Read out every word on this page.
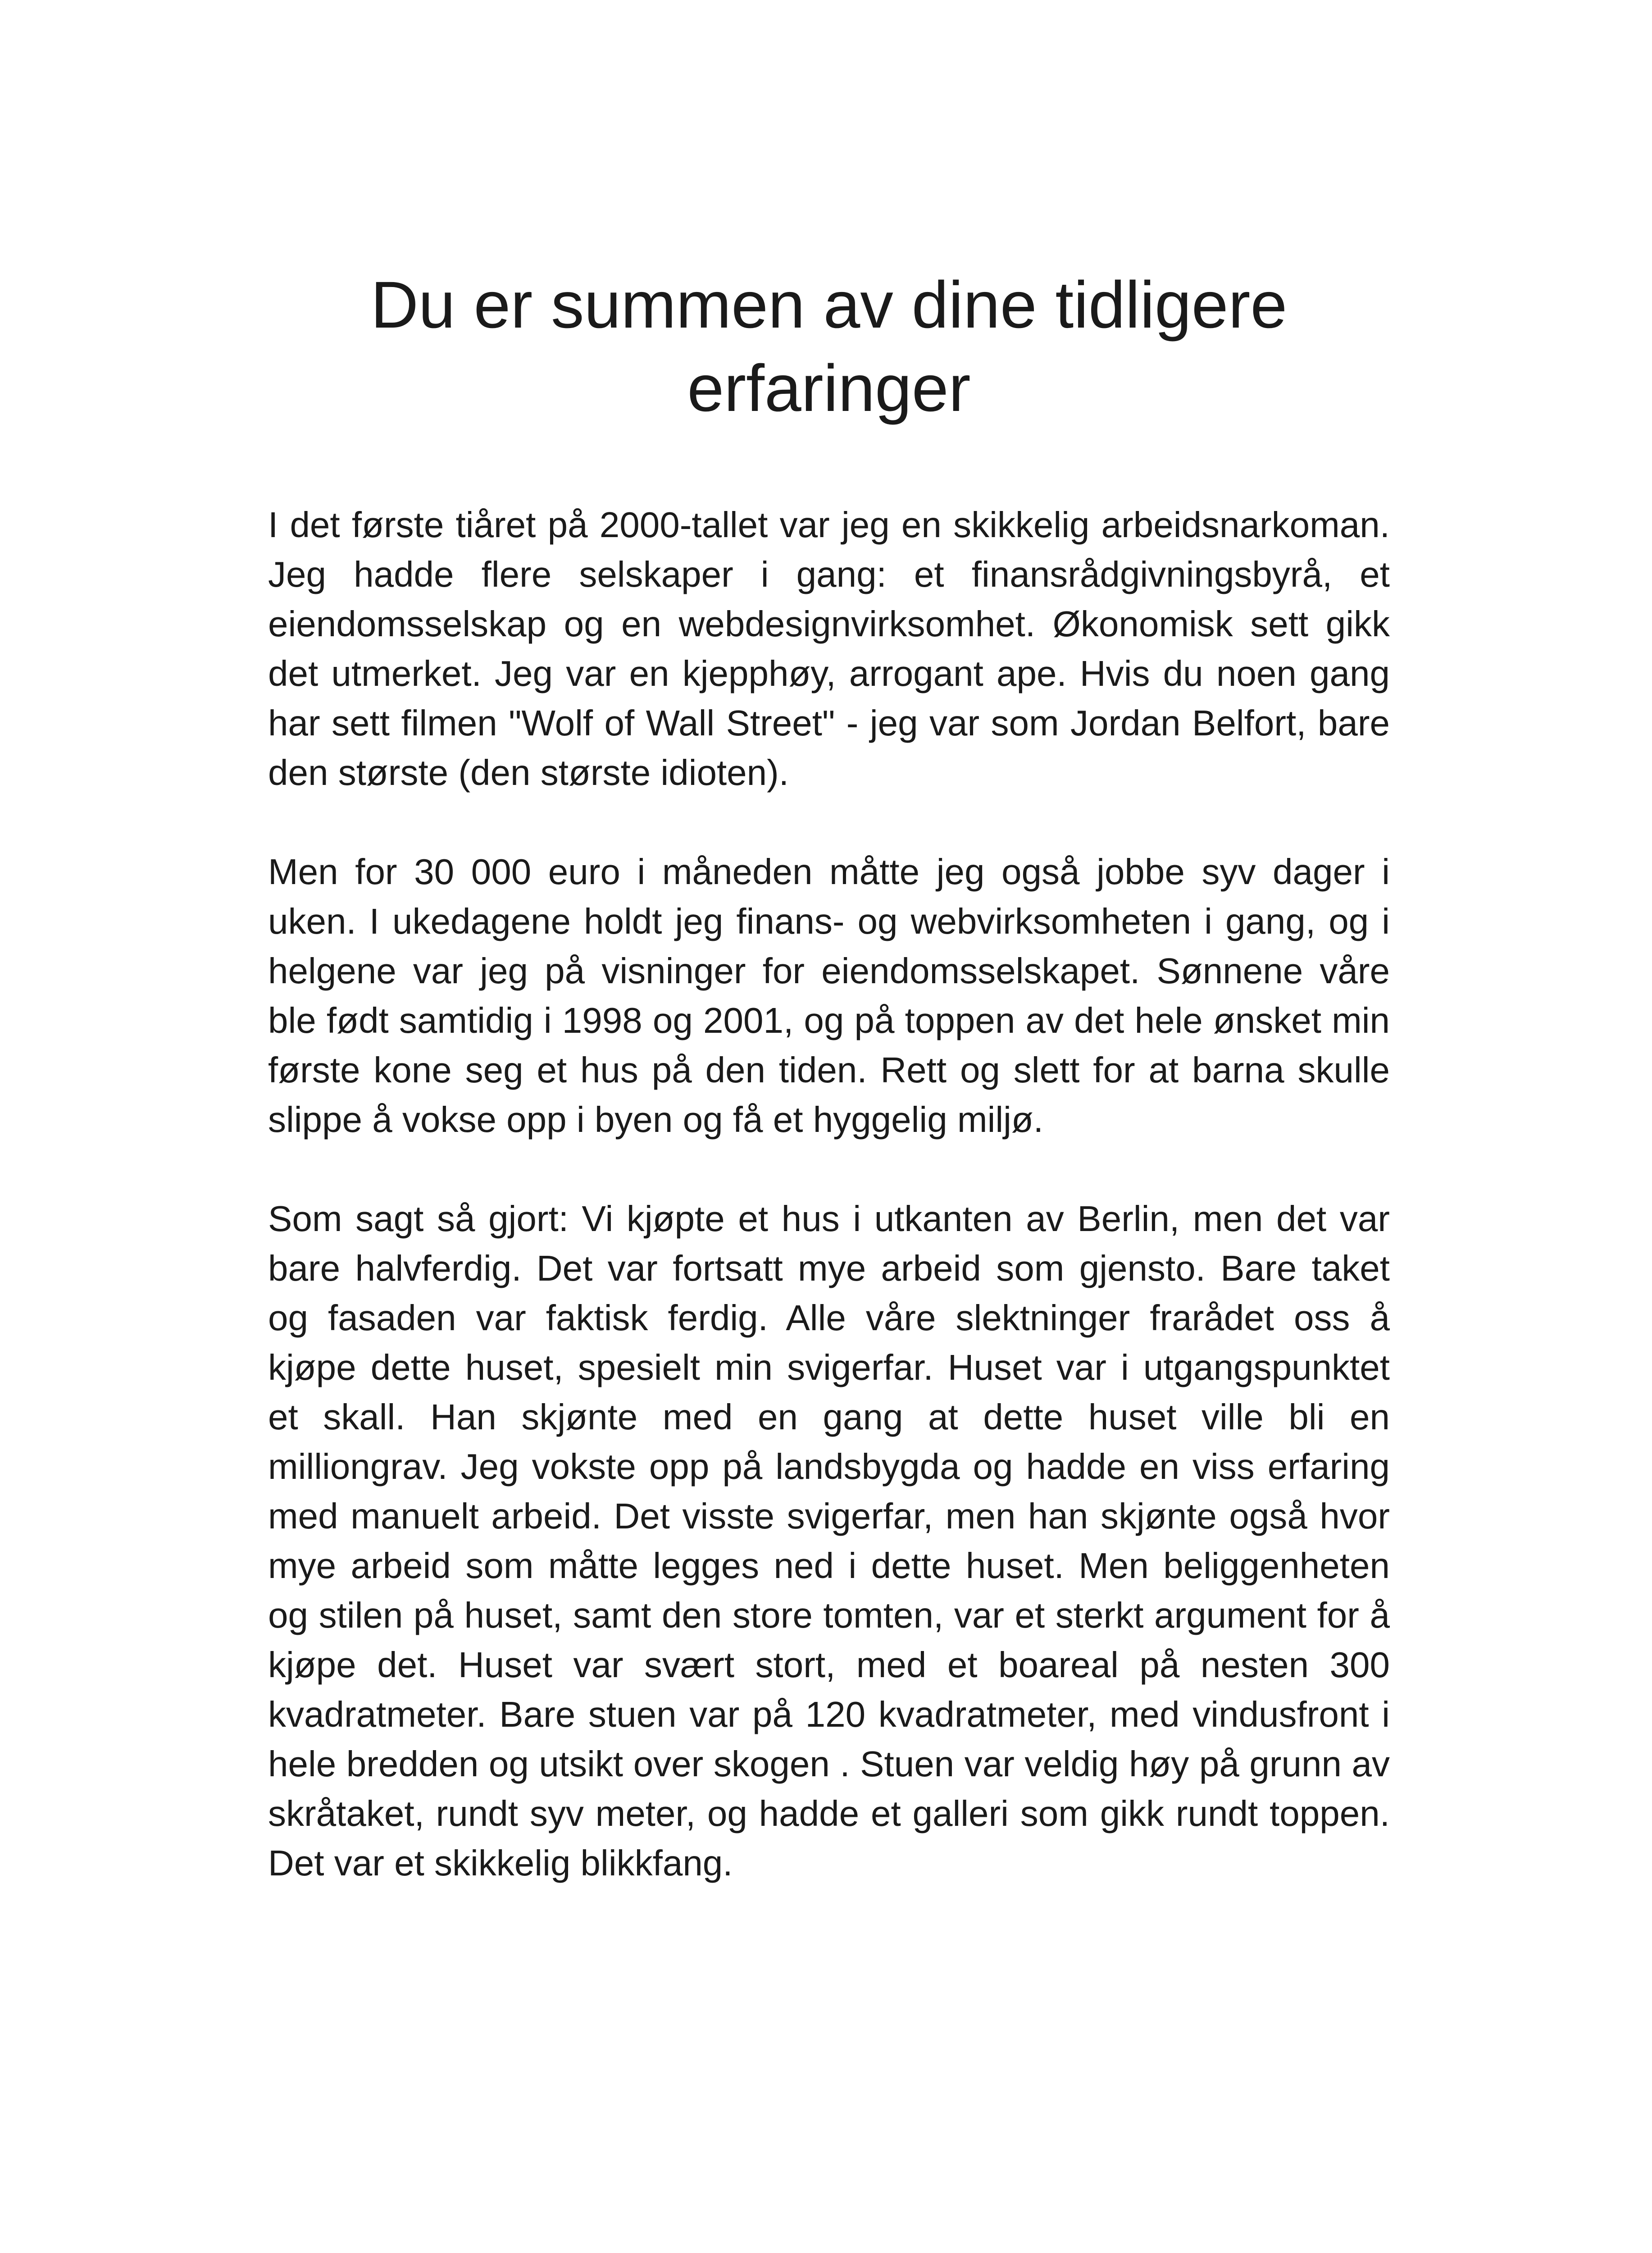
Du er summen av dine tidligere erfaringer

I det første tiåret på 2000-tallet var jeg en skikkelig arbeidsnarkoman. Jeg hadde flere selskaper i gang: et finansrådgivningsbyrå, et eiendomsselskap og en webdesignvirksomhet. Økonomisk sett gikk det utmerket. Jeg var en kjepphøy, arrogant ape. Hvis du noen gang har sett filmen "Wolf of Wall Street" - jeg var som Jordan Belfort, bare den største (den største idioten).

Men for 30 000 euro i måneden måtte jeg også jobbe syv dager i uken. I ukedagene holdt jeg finans- og webvirksomheten i gang, og i helgene var jeg på visninger for eiendomsselskapet. Sønnene våre ble født samtidig i 1998 og 2001, og på toppen av det hele ønsket min første kone seg et hus på den tiden. Rett og slett for at barna skulle slippe å vokse opp i byen og få et hyggelig miljø.

Som sagt så gjort: Vi kjøpte et hus i utkanten av Berlin, men det var bare halvferdig. Det var fortsatt mye arbeid som gjensto. Bare taket og fasaden var faktisk ferdig. Alle våre slektninger frarådet oss å kjøpe dette huset, spesielt min svigerfar. Huset var i utgangspunktet et skall. Han skjønte med en gang at dette huset ville bli en milliongrav. Jeg vokste opp på landsbygda og hadde en viss erfaring med manuelt arbeid. Det visste svigerfar, men han skjønte også hvor mye arbeid som måtte legges ned i dette huset. Men beliggenheten og stilen på huset, samt den store tomten, var et sterkt argument for å kjøpe det. Huset var svært stort, med et boareal på nesten 300 kvadratmeter. Bare stuen var på 120 kvadratmeter, med vindusfront i hele bredden og utsikt over skogen . Stuen var veldig høy på grunn av skråtaket, rundt syv meter, og hadde et galleri som gikk rundt toppen. Det var et skikkelig blikkfang.
